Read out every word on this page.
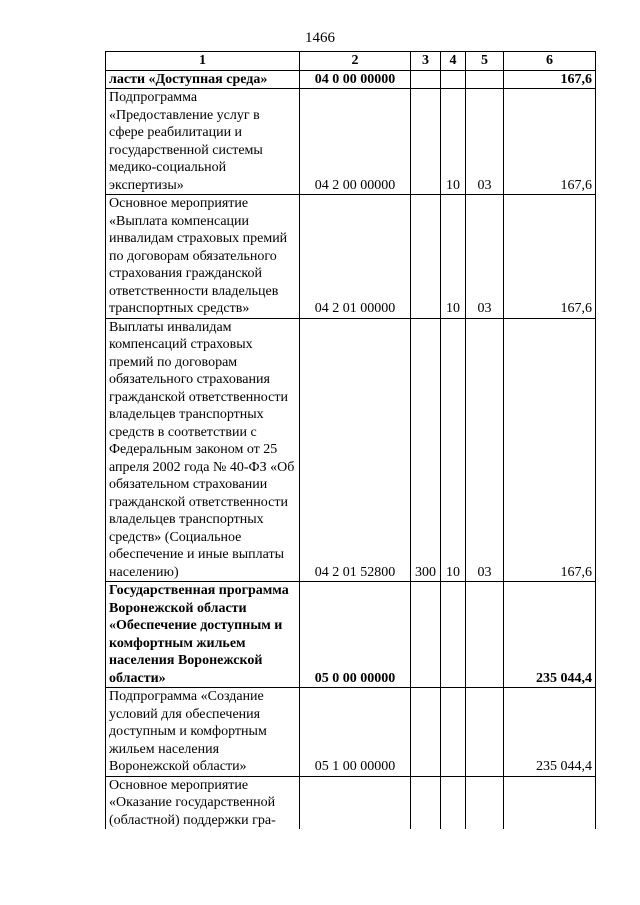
1466
1	2	3	4	5	6
ласти «Доступная среда»	04 0 00 00000				167,6
Подпрограмма «Предоставление услуг в сфере реабилитации и государственной системы медико-социальной экспертизы»	04 2 00 00000		10	03	167,6
Основное мероприятие «Выплата компенсации инвалидам страховых премий по договорам обязательного страхования гражданской ответственности владельцев транспортных средств»	04 2 01 00000		10	03	167,6
Выплаты инвалидам компенсаций страховых премий по договорам обязательного страхования гражданской ответственности владельцев транспортных средств в соответствии с Федеральным законом от 25 апреля 2002 года № 40-ФЗ «Об обязательном страховании гражданской ответственности владельцев транспортных средств» (Социальное обеспечение и иные выплаты населению)	04 2 01 52800	300	10	03	167,6
Государственная программа Воронежской области «Обеспечение доступным и комфортным жильем населения Воронежской области»	05 0 00 00000				235 044,4
Подпрограмма «Создание условий для обеспечения доступным и комфортным жильем населения Воронежской области»	05 1 00 00000				235 044,4
Основное мероприятие «Оказание государственной (областной) поддержки гра-					
